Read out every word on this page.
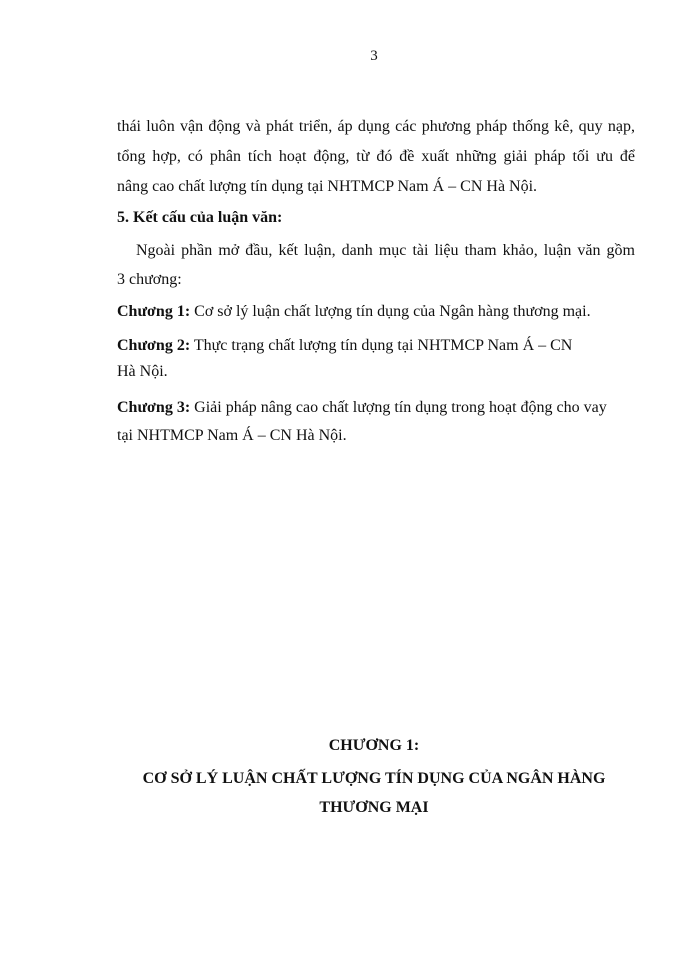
3
thái luôn vận động và phát triển, áp dụng các phương pháp thống kê, quy nạp,
tổng hợp, có phân tích hoạt động, từ đó đề xuất những giải pháp tối ưu để
nâng cao chất lượng tín dụng tại NHTMCP Nam Á – CN Hà Nội.
5. Kết cấu của luận văn:
Ngoài phần mở đầu, kết luận, danh mục tài liệu tham khảo, luận văn gồm
3 chương:
Chương 1: Cơ sở lý luận chất lượng tín dụng của Ngân hàng thương mại.
Chương 2: Thực trạng chất lượng tín dụng tại NHTMCP Nam Á – CN
Hà Nội.
Chương 3: Giải pháp nâng cao chất lượng tín dụng trong hoạt động cho vay
tại NHTMCP Nam Á – CN Hà Nội.
CHƯƠNG 1:
CƠ SỞ LÝ LUẬN CHẤT LƯỢNG TÍN DỤNG CỦA NGÂN HÀNG
THƯƠNG MẠI
